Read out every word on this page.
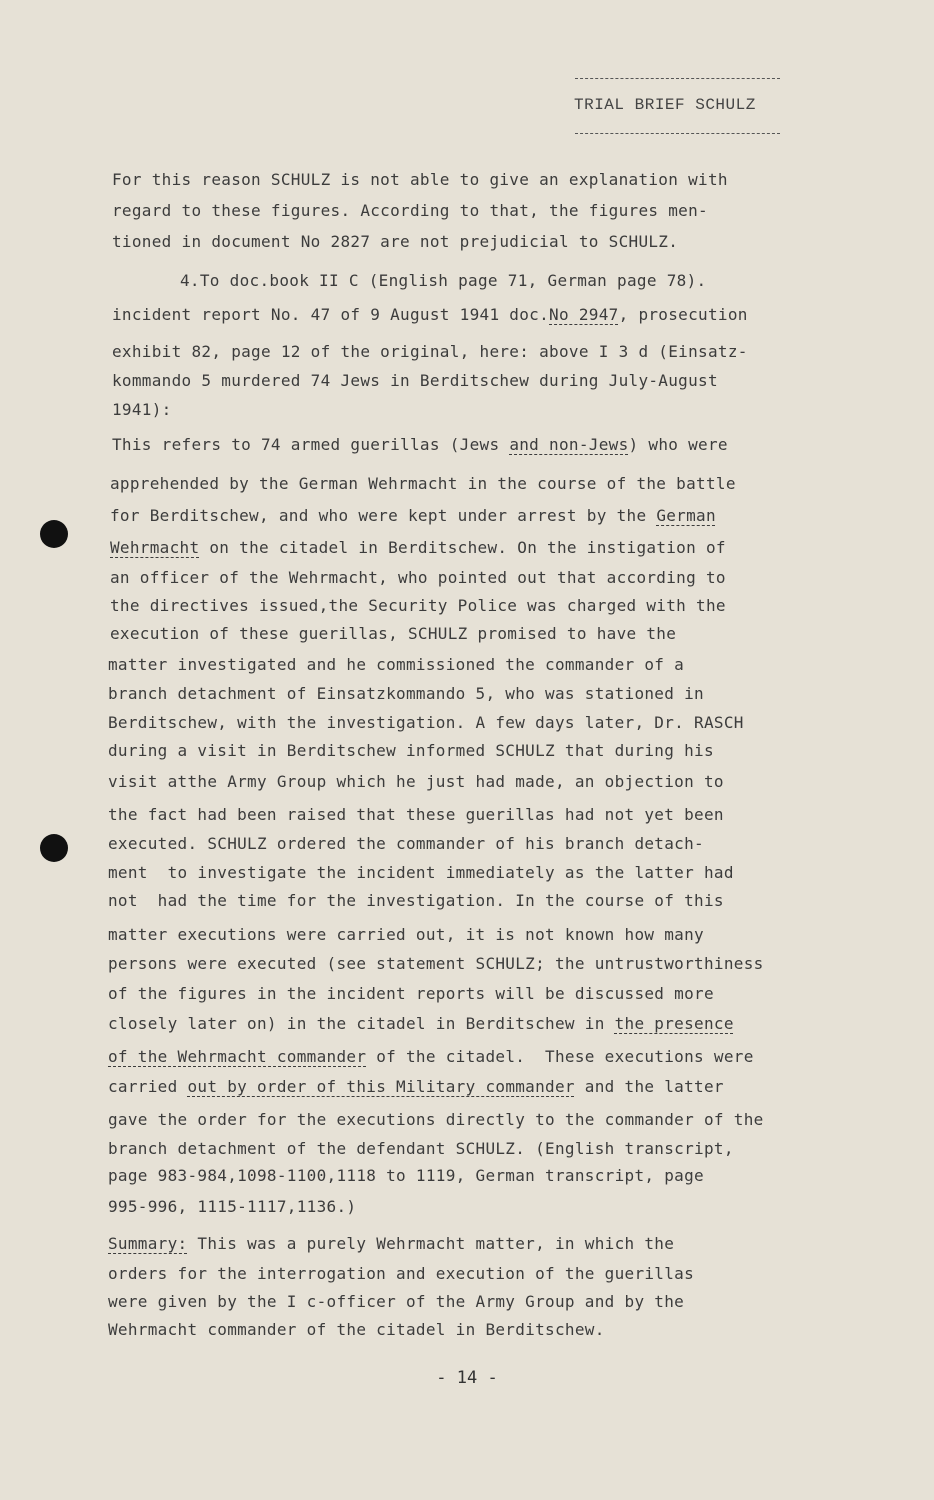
TRIAL BRIEF SCHULZ
For this reason SCHULZ is not able to give an explanation with
regard to these figures. According to that, the figures men-
tioned in document No 2827 are not prejudicial to SCHULZ.
4.To doc.book II C (English page 71, German page 78).
incident report No. 47 of 9 August 1941 doc.No 2947, prosecution
exhibit 82, page 12 of the original, here: above I 3 d (Einsatz-
kommando 5 murdered 74 Jews in Berditschew during July-August
1941):
This refers to 74 armed guerillas (Jews and non-Jews) who were
apprehended by the German Wehrmacht in the course of the battle
for Berditschew, and who were kept under arrest by the German
Wehrmacht on the citadel in Berditschew. On the instigation of
an officer of the Wehrmacht, who pointed out that according to
the directives issued,the Security Police was charged with the
execution of these guerillas, SCHULZ promised to have the
matter investigated and he commissioned the commander of a
branch detachment of Einsatzkommando 5, who was stationed in
Berditschew, with the investigation. A few days later, Dr. RASCH
during a visit in Berditschew informed SCHULZ that during his
visit atthe Army Group which he just had made, an objection to
the fact had been raised that these guerillas had not yet been
executed. SCHULZ ordered the commander of his branch detach-
ment  to investigate the incident immediately as the latter had
not  had the time for the investigation. In the course of this
matter executions were carried out, it is not known how many
persons were executed (see statement SCHULZ; the untrustworthiness
of the figures in the incident reports will be discussed more
closely later on) in the citadel in Berditschew in the presence
of the Wehrmacht commander of the citadel.  These executions were
carried out by order of this Military commander and the latter
gave the order for the executions directly to the commander of the
branch detachment of the defendant SCHULZ. (English transcript,
page 983-984,1098-1100,1118 to 1119, German transcript, page
995-996, 1115-1117,1136.)
Summary: This was a purely Wehrmacht matter, in which the
orders for the interrogation and execution of the guerillas
were given by the I c-officer of the Army Group and by the
Wehrmacht commander of the citadel in Berditschew.
- 14 -
